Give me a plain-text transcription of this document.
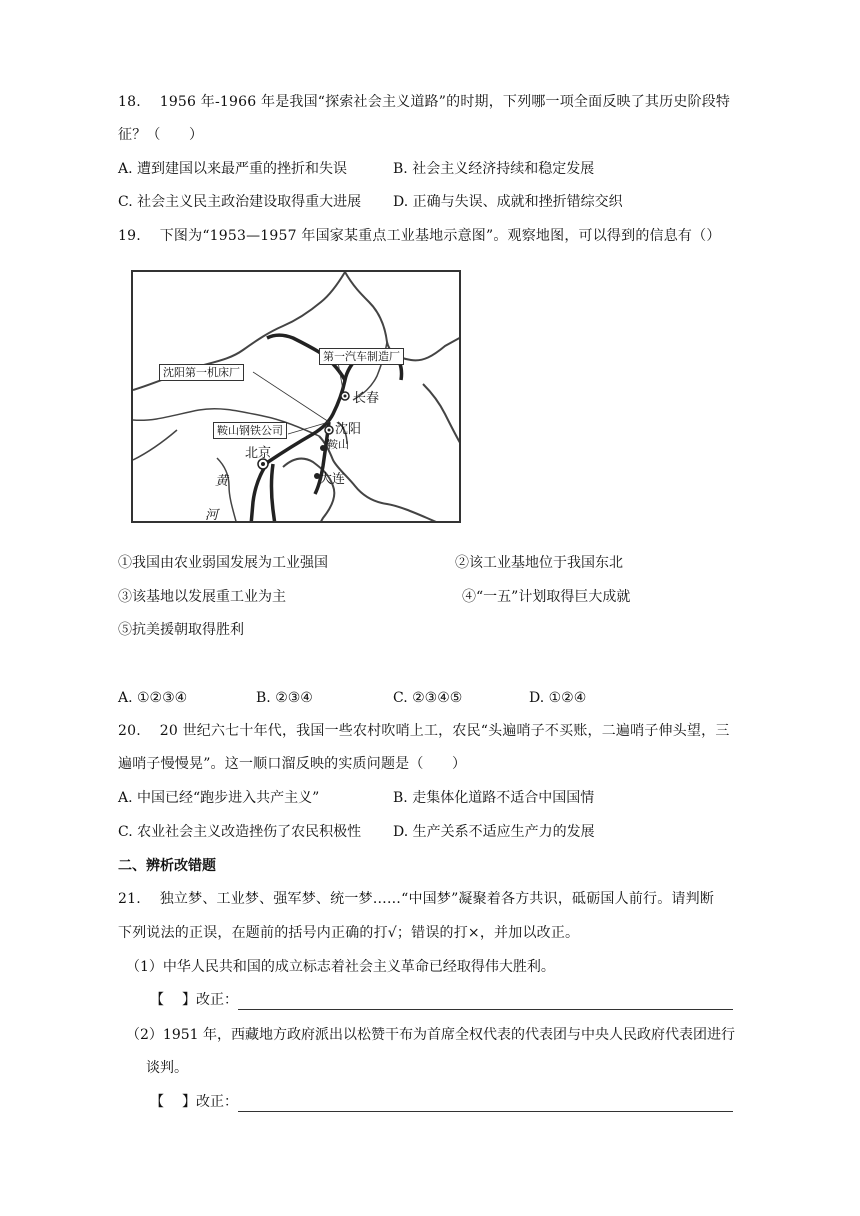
18.　 1956 年-1966 年是我国“探索社会主义道路”的时期，下列哪一项全面反映了其历史阶段特
征？（　　）
A. 遭到建国以来最严重的挫折和失误	B. 社会主义经济持续和稳定发展
C. 社会主义民主政治建设取得重大进展 D. 正确与失误、成就和挫折错综交织
19.　 下图为“1953—1957 年国家某重点工业基地示意图”。观察地图，可以得到的信息有（）
沈阳第一机床厂
第一汽车制造厂
鞍山钢铁公司
长春
沈阳
鞍山
北京
大连
黄
河
①我国由农业弱国发展为工业强国	②该工业基地位于我国东北
③该基地以发展重工业为主	④“一五”计划取得巨大成就
⑤抗美援朝取得胜利
A. ①②③④	B. ②③④	C. ②③④⑤	D. ①②④
20.　 20 世纪六七十年代，我国一些农村吹哨上工，农民“头遍哨子不买账，二遍哨子伸头望，三
遍哨子慢慢晃”。这一顺口溜反映的实质问题是（　　）
A. 中国已经“跑步进入共产主义”	B. 走集体化道路不适合中国国情
C. 农业社会主义改造挫伤了农民积极性 D. 生产关系不适应生产力的发展
二、辨析改错题
21.　 独立梦、工业梦、强军梦、统一梦……“中国梦”凝聚着各方共识，砥砺国人前行。请判断
下列说法的正误，在题前的括号内正确的打√；错误的打×，并加以改正。
（1）中华人民共和国的成立标志着社会主义革命已经取得伟大胜利。
【 】改正：
（2）1951 年，西藏地方政府派出以松赞干布为首席全权代表的代表团与中央人民政府代表团进行
谈判。
【 】改正：
